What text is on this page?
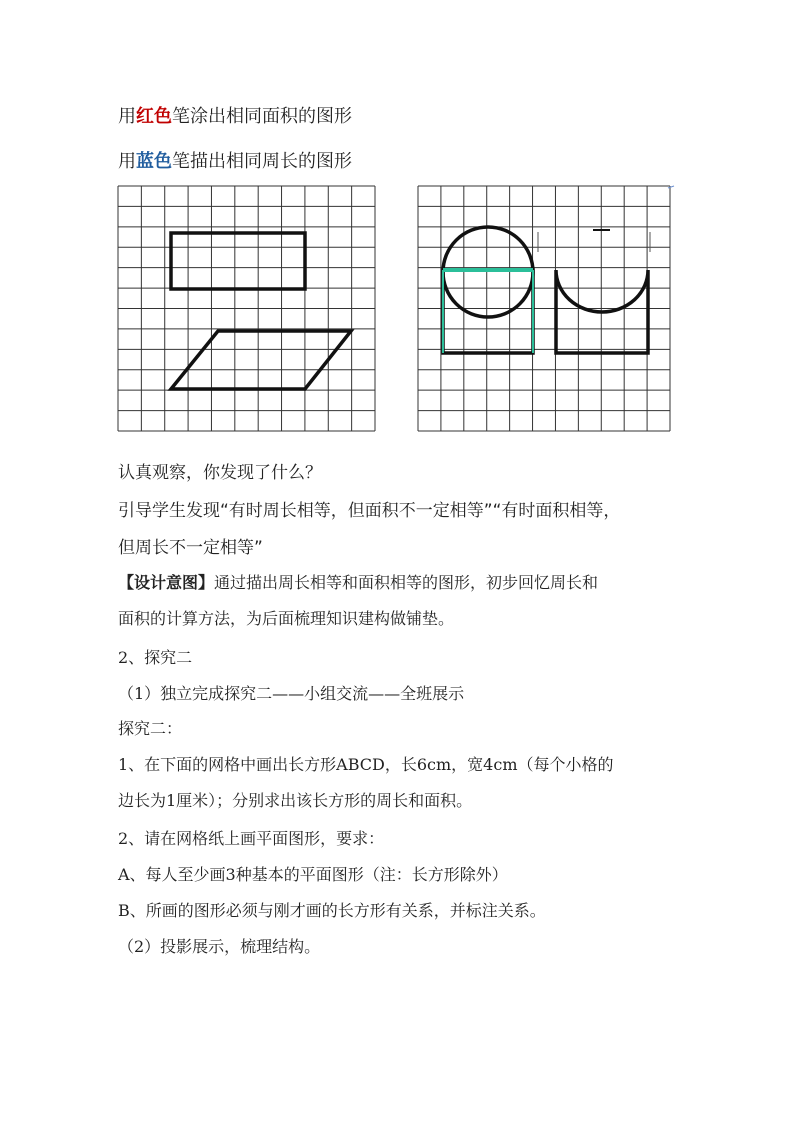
用红色笔涂出相同面积的图形
用蓝色笔描出相同周长的图形
认真观察，你发现了什么？
引导学生发现“有时周长相等，但面积不一定相等”“有时面积相等，
但周长不一定相等”
【设计意图】通过描出周长相等和面积相等的图形，初步回忆周长和
面积的计算方法，为后面梳理知识建构做铺垫。
2、探究二
（1）独立完成探究二——小组交流——全班展示
探究二：
1、在下面的网格中画出长方形ABCD，长6cm，宽4cm（每个小格的
边长为1厘米）；分别求出该长方形的周长和面积。
2、请在网格纸上画平面图形，要求：
A、每人至少画3种基本的平面图形（注：长方形除外）
B、所画的图形必须与刚才画的长方形有关系，并标注关系。
（2）投影展示，梳理结构。
